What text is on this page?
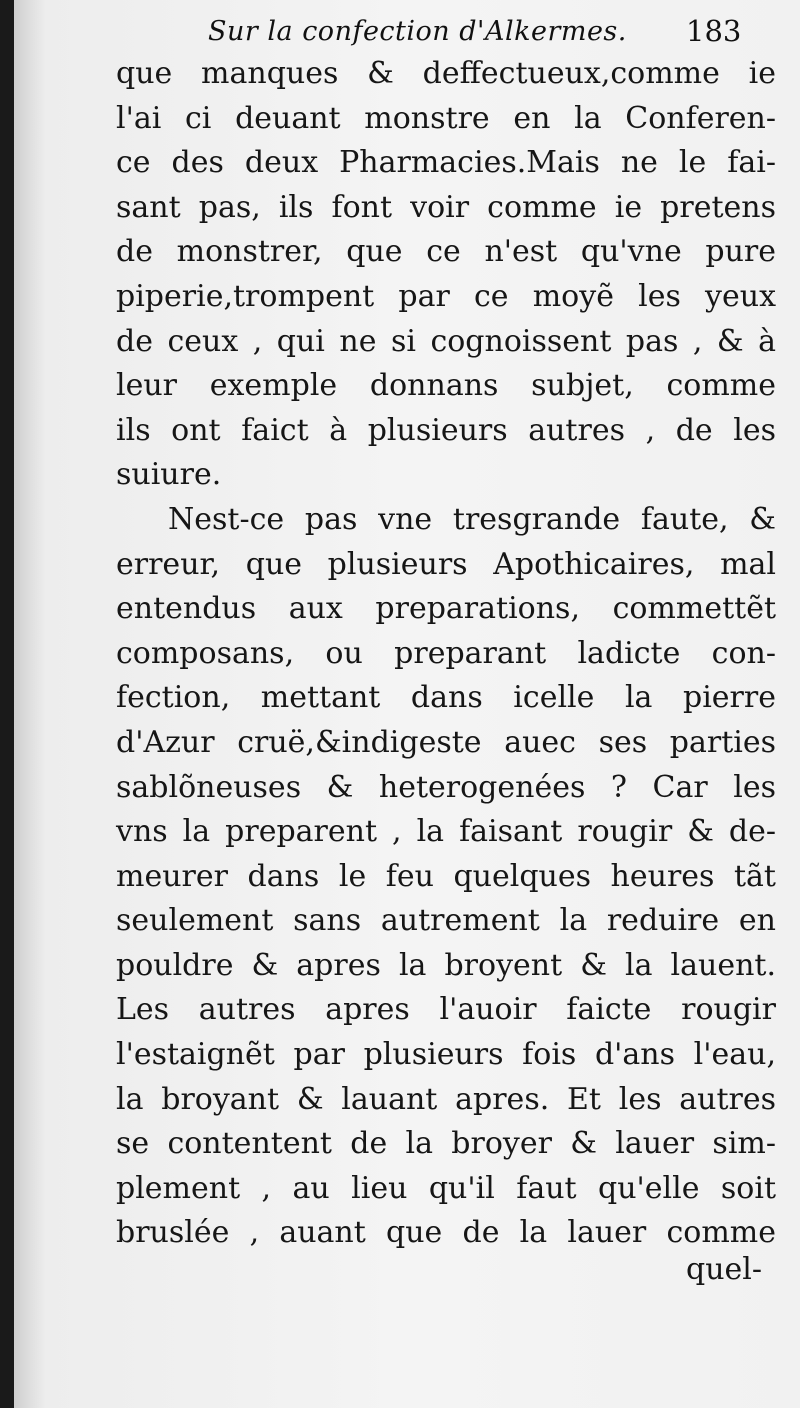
Sur la confection d'Alkermes. 183
que manques & deffectueux,comme ie
l'ai ci deuant monstre en la Conferen-
ce des deux Pharmacies.Mais ne le fai-
sant pas, ils font voir comme ie pretens
de monstrer, que ce n'est qu'vne pure
piperie,trompent par ce moyẽ les yeux
de ceux , qui ne si cognoissent pas , & à
leur exemple donnans subjet, comme
ils ont faict à plusieurs autres , de les
suiure.
Nest-ce pas vne tresgrande faute, &
erreur, que plusieurs Apothicaires, mal
entendus aux preparations, commettẽt
composans, ou preparant ladicte con-
fection, mettant dans icelle la pierre
d'Azur cruë,&indigeste auec ses parties
sablõneuses & heterogenées ? Car les
vns la preparent , la faisant rougir & de-
meurer dans le feu quelques heures tãt
seulement sans autrement la reduire en
pouldre & apres la broyent & la lauent.
Les autres apres l'auoir faicte rougir
l'estaignẽt par plusieurs fois d'ans l'eau,
la broyant & lauant apres. Et les autres
se contentent de la broyer & lauer sim-
plement , au lieu qu'il faut qu'elle soit
bruslée , auant que de la lauer comme
quel-
